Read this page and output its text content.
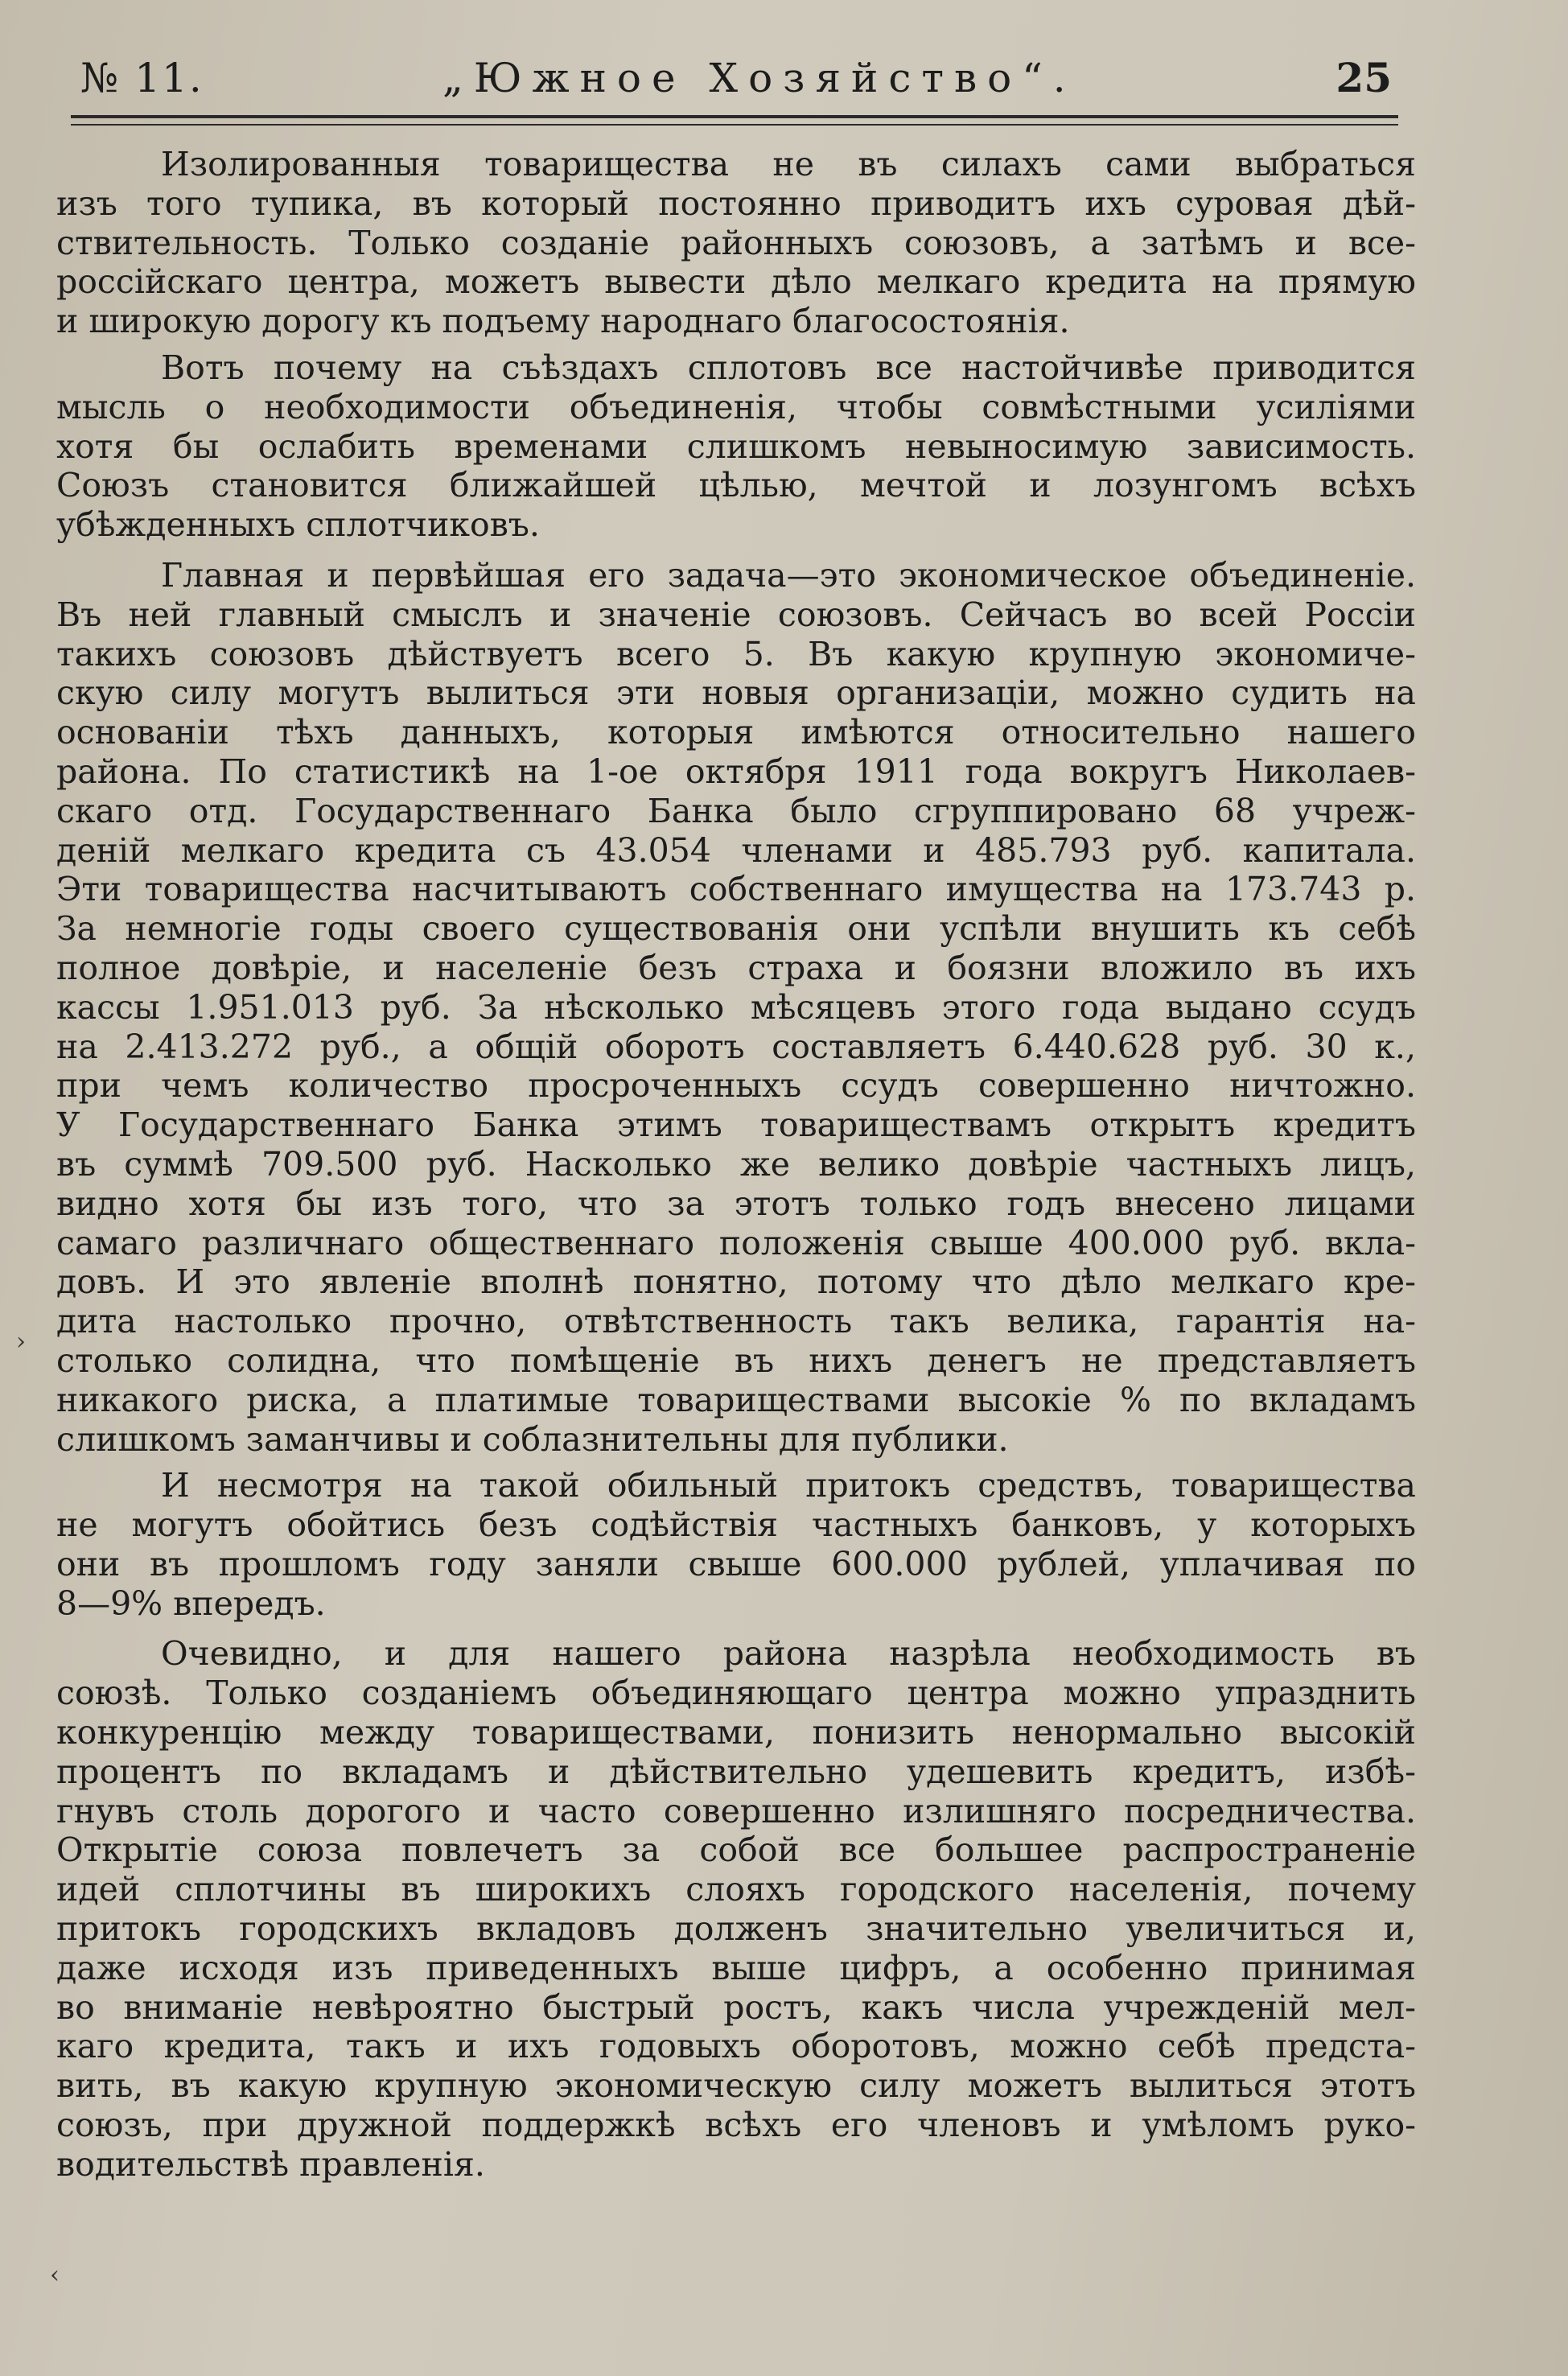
№ 11.	„Южное Хозяйство“.	25
Изолированныя товарищества не въ силахъ сами выбраться
изъ того тупика, въ который постоянно приводитъ ихъ суровая дѣй-
ствительность. Только созданіе районныхъ союзовъ, а затѣмъ и все-
россійскаго центра, можетъ вывести дѣло мелкаго кредита на прямую
и широкую дорогу къ подъему народнаго благосостоянія.
Вотъ почему на съѣздахъ сплотовъ все настойчивѣе приводится
мысль о необходимости объединенія, чтобы совмѣстными усиліями
хотя бы ослабить временами слишкомъ невыносимую зависимость.
Союзъ становится ближайшей цѣлью, мечтой и лозунгомъ всѣхъ
убѣжденныхъ сплотчиковъ.
Главная и первѣйшая его задача—это экономическое объединеніе.
Въ ней главный смыслъ и значеніе союзовъ. Сейчасъ во всей Россіи
такихъ союзовъ дѣйствуетъ всего 5. Въ какую крупную экономиче-
скую силу могутъ вылиться эти новыя организаціи, можно судить на
основаніи тѣхъ данныхъ, которыя имѣются относительно нашего
района. По статистикѣ на 1-ое октября 1911 года вокругъ Николаев-
скаго отд. Государственнаго Банка было сгруппировано 68 учреж-
деній мелкаго кредита съ 43.054 членами и 485.793 руб. капитала.
Эти товарищества насчитываютъ собственнаго имущества на 173.743 р.
За немногіе годы своего существованія они успѣли внушить къ себѣ
полное довѣріе, и населеніе безъ страха и боязни вложило въ ихъ
кассы 1.951.013 руб. За нѣсколько мѣсяцевъ этого года выдано ссудъ
на 2.413.272 руб., а общій оборотъ составляетъ 6.440.628 руб. 30 к.,
при чемъ количество просроченныхъ ссудъ совершенно ничтожно.
У Государственнаго Банка этимъ товариществамъ открытъ кредитъ
въ суммѣ 709.500 руб. Насколько же велико довѣріе частныхъ лицъ,
видно хотя бы изъ того, что за этотъ только годъ внесено лицами
самаго различнаго общественнаго положенія свыше 400.000 руб. вкла-
довъ. И это явленіе вполнѣ понятно, потому что дѣло мелкаго кре-
дита настолько прочно, отвѣтственность такъ велика, гарантія на-
столько солидна, что помѣщеніе въ нихъ денегъ не представляетъ
никакого риска, а платимые товариществами высокіе % по вкладамъ
слишкомъ заманчивы и соблазнительны для публики.
И несмотря на такой обильный притокъ средствъ, товарищества
не могутъ обойтись безъ содѣйствія частныхъ банковъ, у которыхъ
они въ прошломъ году заняли свыше 600.000 рублей, уплачивая по
8—9% впередъ.
Очевидно, и для нашего района назрѣла необходимость въ
союзѣ. Только созданіемъ объединяющаго центра можно упразднить
конкуренцію между товариществами, понизить ненормально высокій
процентъ по вкладамъ и дѣйствительно удешевить кредитъ, избѣ-
гнувъ столь дорогого и часто совершенно излишняго посредничества.
Открытіе союза повлечетъ за собой все большее распространеніе
идей сплотчины въ широкихъ слояхъ городского населенія, почему
притокъ городскихъ вкладовъ долженъ значительно увеличиться и,
даже исходя изъ приведенныхъ выше цифръ, а особенно принимая
во вниманіе невѣроятно быстрый ростъ, какъ числа учрежденій мел-
каго кредита, такъ и ихъ годовыхъ оборотовъ, можно себѣ предста-
вить, въ какую крупную экономическую силу можетъ вылиться этотъ
союзъ, при дружной поддержкѣ всѣхъ его членовъ и умѣломъ руко-
водительствѣ правленія.
›
‹
